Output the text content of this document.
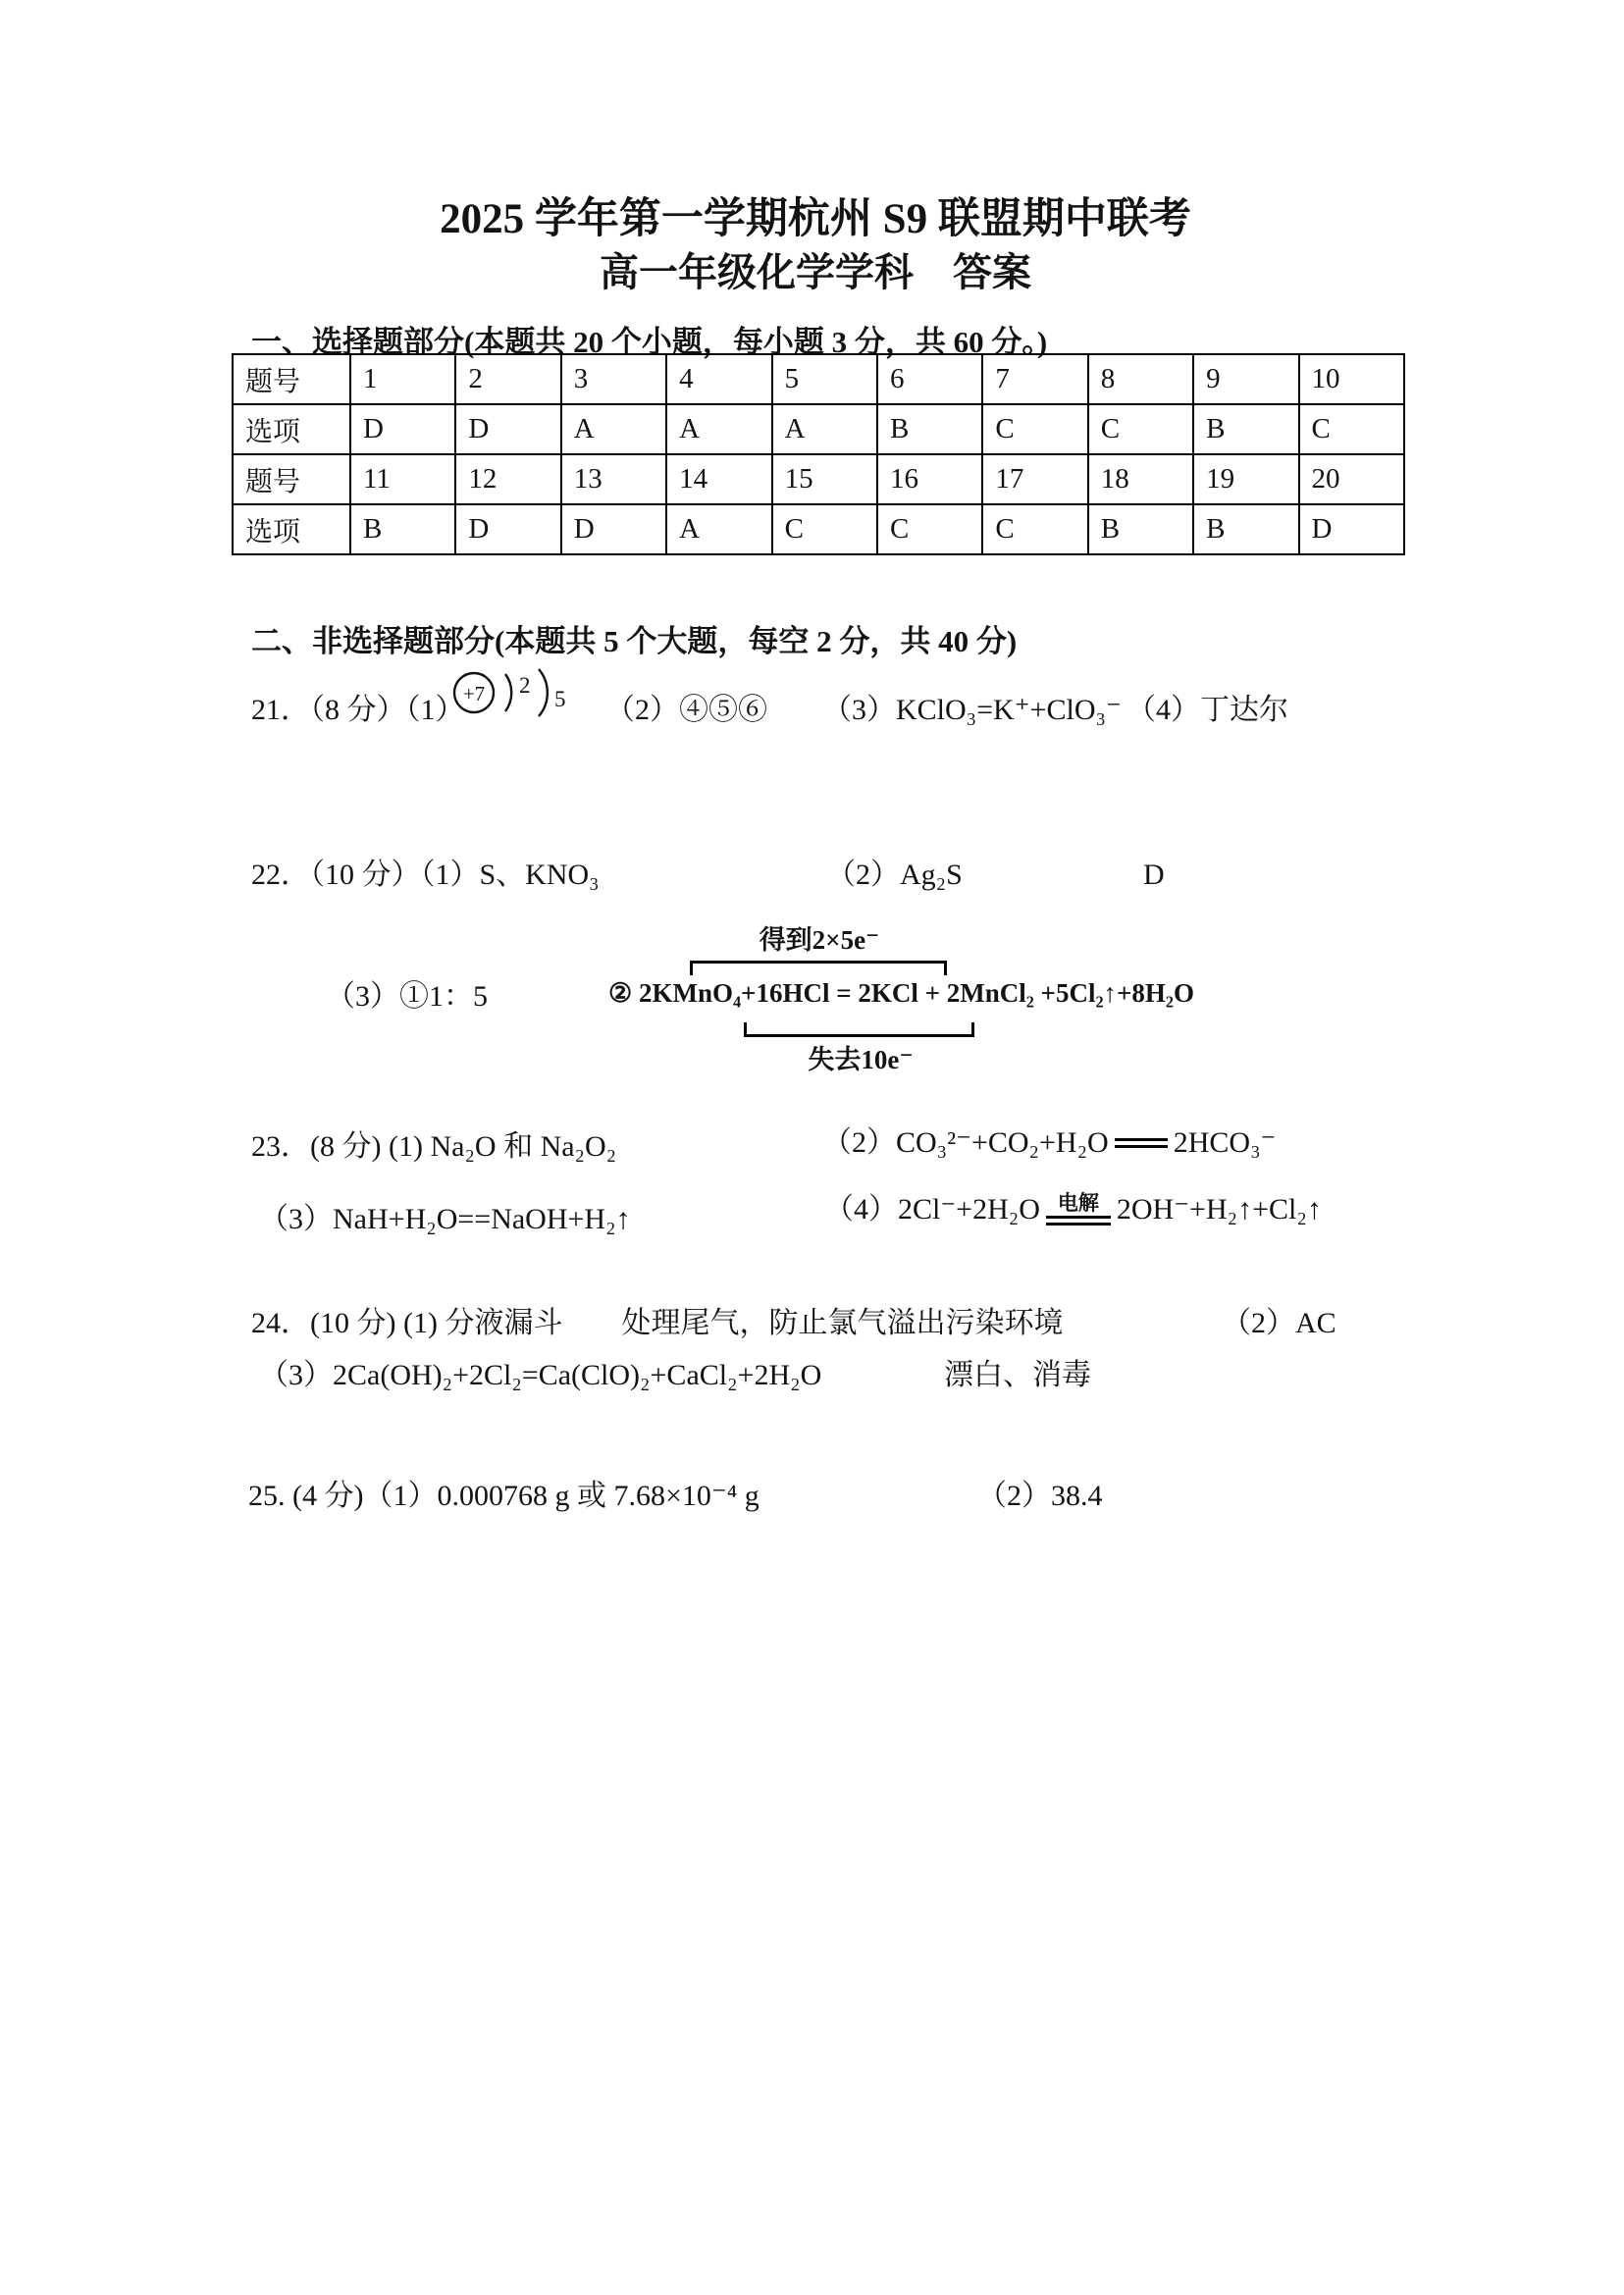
2025 学年第一学期杭州 S9 联盟期中联考
高一年级化学学科　答案
一、选择题部分(本题共 20 个小题，每小题 3 分，共 60 分。)
题号	1	2	3	4	5	6	7	8	9	10
选项	D	D	A	A	A	B	C	C	B	C
题号	11	12	13	14	15	16	17	18	19	20
选项	B	D	D	A	C	C	C	B	B	D
二、非选择题部分(本题共 5 个大题，每空 2 分，共 40 分)
21．（8 分）（1）
+7 2
5 （2）④⑤⑥ （3）KClO₃=K⁺+ClO₃⁻ （4）丁达尔
22．（10 分）（1）S、KNO₃	（2）Ag₂S	D
（3）①1：5
得到2×5e⁻
② 2KMnO₄+16HCl = 2KCl + 2MnCl₂ +5Cl₂↑+8H₂O
失去10e⁻
23．(8 分) (1) Na₂O 和 Na₂O₂	（2）CO₃²⁻+CO₂+H₂O 2HCO₃⁻
（3）NaH+H₂O==NaOH+H₂↑	（4）2Cl⁻+2H₂O 电解 2OH⁻+H₂↑+Cl₂↑
24．(10 分) (1) 分液漏斗 处理尾气，防止氯气溢出污染环境	（2）AC
（3）2Ca(OH)₂+2Cl₂=Ca(ClO)₂+CaCl₂+2H₂O	漂白、消毒
25. (4 分)（1）0.000768 g 或 7.68×10⁻⁴ g	（2）38.4
